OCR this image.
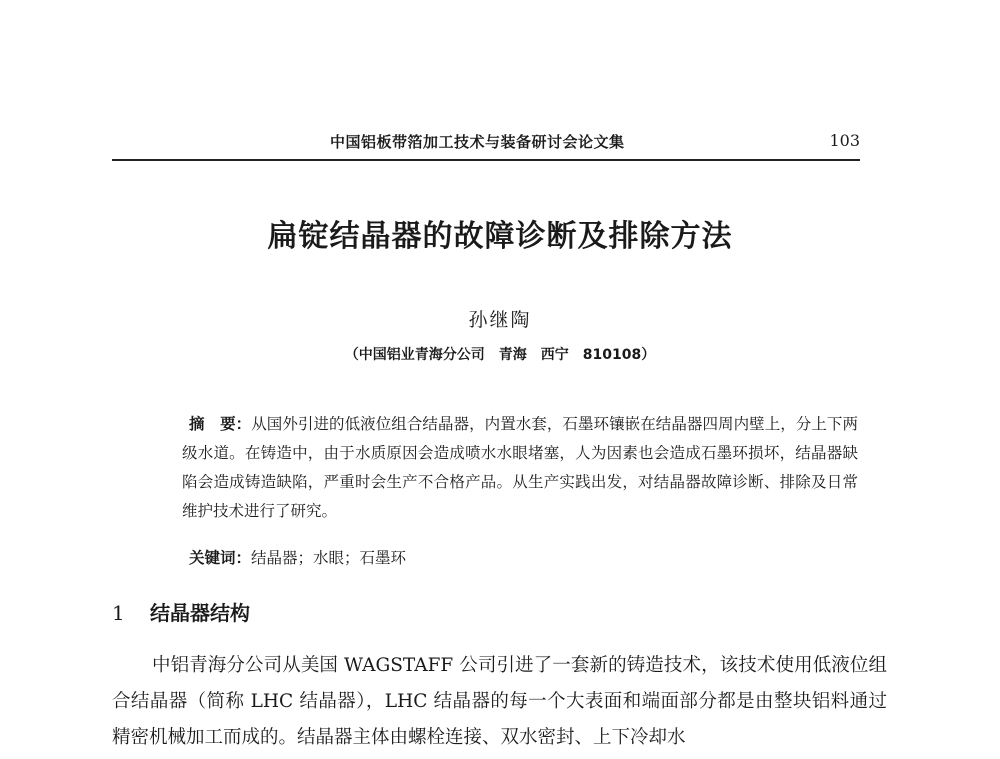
中国铝板带箔加工技术与装备研讨会论文集	103
扁锭结晶器的故障诊断及排除方法
孙继陶
（中国铝业青海分公司　青海　西宁　810108）

摘　要：从国外引进的低液位组合结晶器，内置水套，石墨环镶嵌在结晶器四周内壁上，分上下两级水道。在铸造中，由于水质原因会造成喷水水眼堵塞，人为因素也会造成石墨环损坏，结晶器缺陷会造成铸造缺陷，严重时会生产不合格产品。从生产实践出发，对结晶器故障诊断、排除及日常维护技术进行了研究。

关键词：结晶器；水眼；石墨环
1 结晶器结构

中铝青海分公司从美国 WAGSTAFF 公司引进了一套新的铸造技术，该技术使用低液位组合结晶器（简称 LHC 结晶器），LHC 结晶器的每一个大表面和端面部分都是由整块铝料通过精密机械加工而成的。结晶器主体由螺栓连接、双水密封、上下冷却水
